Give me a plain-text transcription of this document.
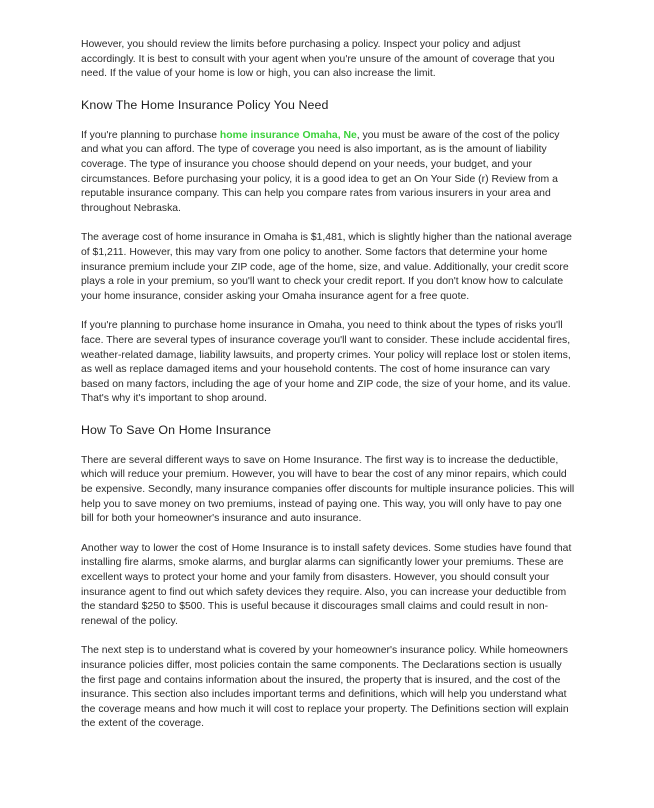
However, you should review the limits before purchasing a policy. Inspect your policy and adjust accordingly. It is best to consult with your agent when you're unsure of the amount of coverage that you need. If the value of your home is low or high, you can also increase the limit.

Know The Home Insurance Policy You Need

If you're planning to purchase home insurance Omaha, Ne, you must be aware of the cost of the policy and what you can afford. The type of coverage you need is also important, as is the amount of liability coverage. The type of insurance you choose should depend on your needs, your budget, and your circumstances. Before purchasing your policy, it is a good idea to get an On Your Side (r) Review from a reputable insurance company. This can help you compare rates from various insurers in your area and throughout Nebraska.

The average cost of home insurance in Omaha is $1,481, which is slightly higher than the national average of $1,211. However, this may vary from one policy to another. Some factors that determine your home insurance premium include your ZIP code, age of the home, size, and value. Additionally, your credit score plays a role in your premium, so you'll want to check your credit report. If you don't know how to calculate your home insurance, consider asking your Omaha insurance agent for a free quote.

If you're planning to purchase home insurance in Omaha, you need to think about the types of risks you'll face. There are several types of insurance coverage you'll want to consider. These include accidental fires, weather-related damage, liability lawsuits, and property crimes. Your policy will replace lost or stolen items, as well as replace damaged items and your household contents. The cost of home insurance can vary based on many factors, including the age of your home and ZIP code, the size of your home, and its value. That's why it's important to shop around.

How To Save On Home Insurance

There are several different ways to save on Home Insurance. The first way is to increase the deductible, which will reduce your premium. However, you will have to bear the cost of any minor repairs, which could be expensive. Secondly, many insurance companies offer discounts for multiple insurance policies. This will help you to save money on two premiums, instead of paying one. This way, you will only have to pay one bill for both your homeowner's insurance and auto insurance.

Another way to lower the cost of Home Insurance is to install safety devices. Some studies have found that installing fire alarms, smoke alarms, and burglar alarms can significantly lower your premiums. These are excellent ways to protect your home and your family from disasters. However, you should consult your insurance agent to find out which safety devices they require. Also, you can increase your deductible from the standard $250 to $500. This is useful because it discourages small claims and could result in non-renewal of the policy.

The next step is to understand what is covered by your homeowner's insurance policy. While homeowners insurance policies differ, most policies contain the same components. The Declarations section is usually the first page and contains information about the insured, the property that is insured, and the cost of the insurance. This section also includes important terms and definitions, which will help you understand what the coverage means and how much it will cost to replace your property. The Definitions section will explain the extent of the coverage.
